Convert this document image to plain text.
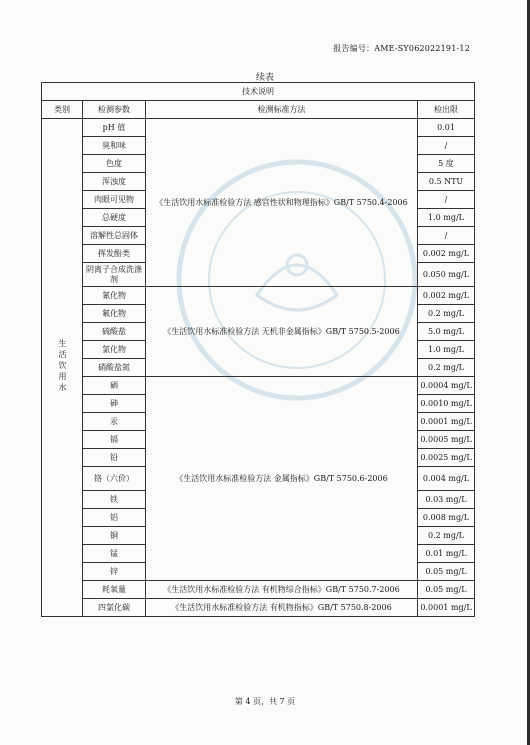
报告编号：AME-SY062022191-12
续表
技术说明			
类别	检测参数	检测标准方法	检出限
生活饮用水	pH 值	《生活饮用水标准检验方法 感官性状和物理指标》GB/T 5750.4-2006	0.01
	臭和味		/
	色度		5 度
	浑浊度		0.5 NTU
	肉眼可见物		/
	总硬度		1.0 mg/L
	溶解性总固体		/
	挥发酚类		0.002 mg/L
	阴离子合成洗涤剂		0.050 mg/L
	氰化物	《生活饮用水标准检验方法 无机非金属指标》GB/T 5750.5-2006	0.002 mg/L
	氟化物		0.2 mg/L
	硫酸盐		5.0 mg/L
	氯化物		1.0 mg/L
	硝酸盐氮		0.2 mg/L
	硒	《生活饮用水标准检验方法 金属指标》GB/T 5750.6-2006	0.0004 mg/L
	砷		0.0010 mg/L
	汞		0.0001 mg/L
	镉		0.0005 mg/L
	铅		0.0025 mg/L
	铬（六价）		0.004 mg/L
	铁		0.03 mg/L
	铝		0.008 mg/L
	铜		0.2 mg/L
	锰		0.01 mg/L
	锌		0.05 mg/L
	耗氧量	《生活饮用水标准检验方法 有机物综合指标》GB/T 5750.7-2006	0.05 mg/L
	四氯化碳	《生活饮用水标准检验方法 有机物指标》GB/T 5750.8-2006	0.0001 mg/L
第 4 页，共 7 页
